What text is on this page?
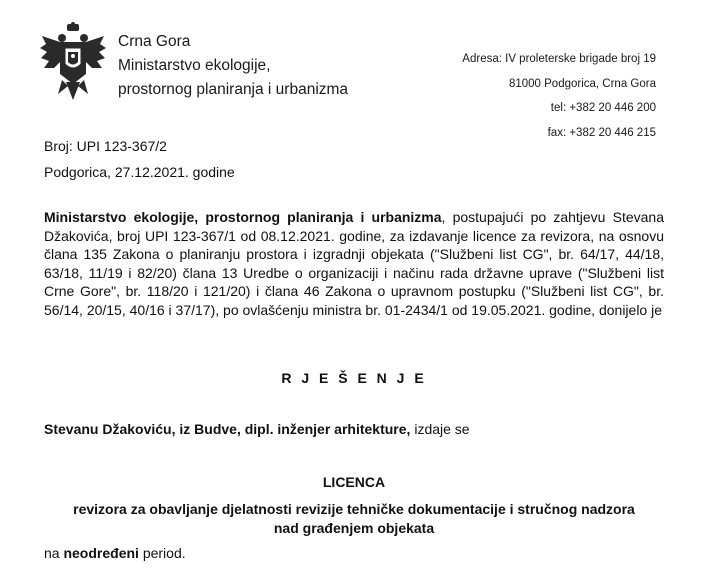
Crna Gora
Ministarstvo ekologije,
prostornog planiranja i urbanizma
Adresa: IV proleterske brigade broj 19
81000 Podgorica, Crna Gora
tel: +382 20 446 200
fax: +382 20 446 215
Broj: UPI 123-367/2
Podgorica, 27.12.2021. godine
Ministarstvo ekologije, prostornog planiranja i urbanizma, postupajući po zahtjevu Stevana Džakovića, broj UPI 123-367/1 od 08.12.2021. godine, za izdavanje licence za revizora, na osnovu člana 135 Zakona o planiranju prostora i izgradnji objekata ("Službeni list CG", br. 64/17, 44/18, 63/18, 11/19 i 82/20) člana 13 Uredbe o organizaciji i načinu rada državne uprave ("Službeni list Crne Gore", br. 118/20 i 121/20) i člana 46 Zakona o upravnom postupku ("Službeni list CG", br. 56/14, 20/15, 40/16 i 37/17), po ovlašćenju ministra br. 01-2434/1 od 19.05.2021. godine, donijelo je
R J E Š E N J E
Stevanu Džakoviću, iz Budve, dipl. inženjer arhitekture, izdaje se
LICENCA
revizora za obavljanje djelatnosti revizije tehničke dokumentacije i stručnog nadzora
nad građenjem objekata
na neodređeni period.
